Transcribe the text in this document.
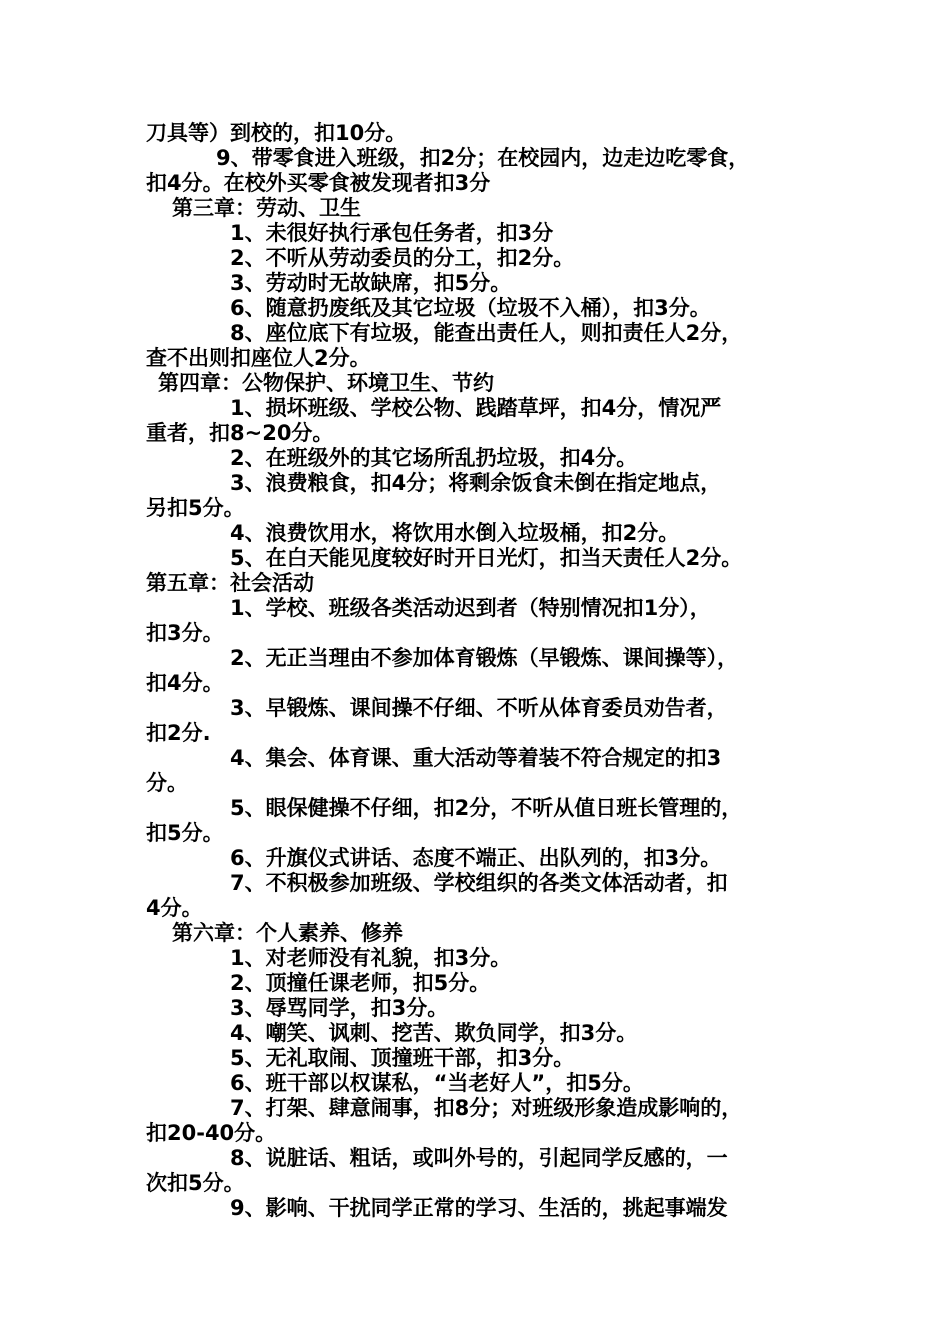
刀具等）到校的，扣10分。
9、带零食进入班级，扣2分；在校园内，边走边吃零食，
扣4分。在校外买零食被发现者扣3分
第三章：劳动、卫生
1、未很好执行承包任务者，扣3分
2、不听从劳动委员的分工，扣2分。
3、劳动时无故缺席，扣5分。
6、随意扔废纸及其它垃圾（垃圾不入桶），扣3分。
8、座位底下有垃圾，能查出责任人，则扣责任人2分，
查不出则扣座位人2分。
第四章：公物保护、环境卫生、节约
1、损坏班级、学校公物、践踏草坪，扣4分，情况严
重者，扣8~20分。
2、在班级外的其它场所乱扔垃圾，扣4分。
3、浪费粮食，扣4分；将剩余饭食未倒在指定地点，
另扣5分。
4、浪费饮用水，将饮用水倒入垃圾桶，扣2分。
5、在白天能见度较好时开日光灯，扣当天责任人2分。
第五章：社会活动
1、学校、班级各类活动迟到者（特别情况扣1分），
扣3分。
2、无正当理由不参加体育锻炼（早锻炼、课间操等），
扣4分。
3、早锻炼、课间操不仔细、不听从体育委员劝告者，
扣2分.
4、集会、体育课、重大活动等着装不符合规定的扣3
分。
5、眼保健操不仔细，扣2分，不听从值日班长管理的，
扣5分。
6、升旗仪式讲话、态度不端正、出队列的，扣3分。
7、不积极参加班级、学校组织的各类文体活动者，扣
4分。
第六章：个人素养、修养
1、对老师没有礼貌，扣3分。
2、顶撞任课老师，扣5分。
3、辱骂同学，扣3分。
4、嘲笑、讽刺、挖苦、欺负同学，扣3分。
5、无礼取闹、顶撞班干部，扣3分。
6、班干部以权谋私，“当老好人”，扣5分。
7、打架、肆意闹事，扣8分；对班级形象造成影响的，
扣20-40分。
8、说脏话、粗话，或叫外号的，引起同学反感的，一
次扣5分。
9、影响、干扰同学正常的学习、生活的，挑起事端发
